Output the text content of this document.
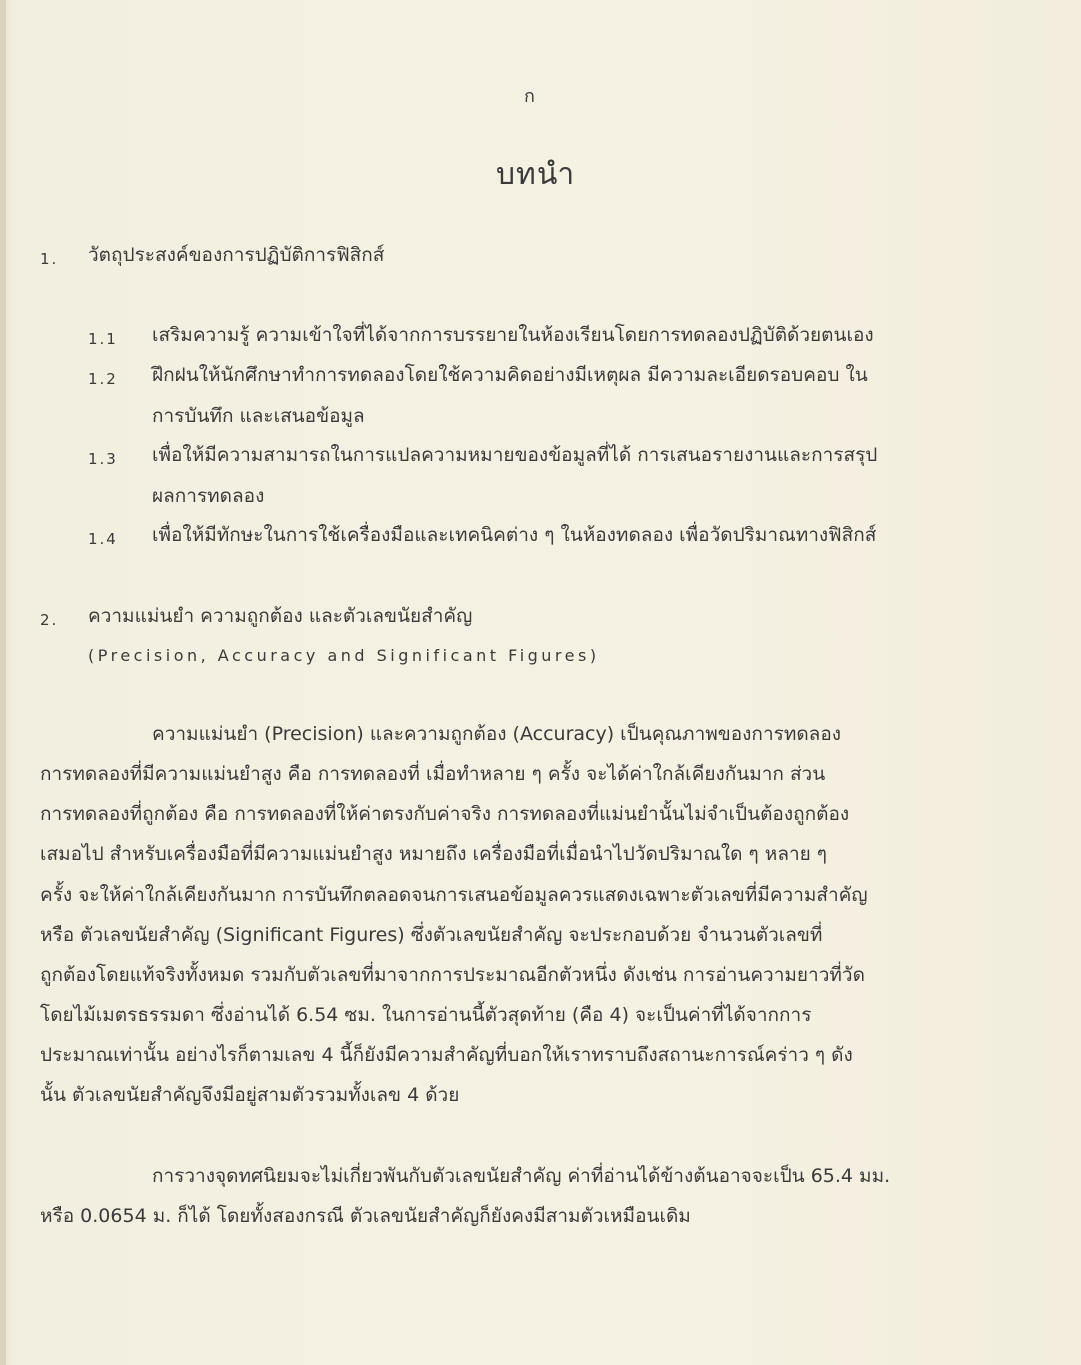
ก
บทนำ
1. วัตถุประสงค์ของการปฏิบัติการฟิสิกส์
1.1 เสริมความรู้ ความเข้าใจที่ได้จากการบรรยายในห้องเรียนโดยการทดลองปฏิบัติด้วยตนเอง
1.2 ฝึกฝนให้นักศึกษาทำการทดลองโดยใช้ความคิดอย่างมีเหตุผล มีความละเอียดรอบคอบ ใน
การบันทึก และเสนอข้อมูล
1.3 เพื่อให้มีความสามารถในการแปลความหมายของข้อมูลที่ได้ การเสนอรายงานและการสรุป
ผลการทดลอง
1.4 เพื่อให้มีทักษะในการใช้เครื่องมือและเทคนิคต่าง ๆ ในห้องทดลอง เพื่อวัดปริมาณทางฟิสิกส์
2. ความแม่นยำ ความถูกต้อง และตัวเลขนัยสำคัญ
(Precision, Accuracy and Significant Figures)
ความแม่นยำ (Precision) และความถูกต้อง (Accuracy) เป็นคุณภาพของการทดลอง
การทดลองที่มีความแม่นยำสูง คือ การทดลองที่ เมื่อทำหลาย ๆ ครั้ง จะได้ค่าใกล้เคียงกันมาก ส่วน
การทดลองที่ถูกต้อง คือ การทดลองที่ให้ค่าตรงกับค่าจริง การทดลองที่แม่นยำนั้นไม่จำเป็นต้องถูกต้อง
เสมอไป สำหรับเครื่องมือที่มีความแม่นยำสูง หมายถึง เครื่องมือที่เมื่อนำไปวัดปริมาณใด ๆ หลาย ๆ
ครั้ง จะให้ค่าใกล้เคียงกันมาก การบันทึกตลอดจนการเสนอข้อมูลควรแสดงเฉพาะตัวเลขที่มีความสำคัญ
หรือ ตัวเลขนัยสำคัญ (Significant Figures) ซึ่งตัวเลขนัยสำคัญ จะประกอบด้วย จำนวนตัวเลขที่
ถูกต้องโดยแท้จริงทั้งหมด รวมกับตัวเลขที่มาจากการประมาณอีกตัวหนึ่ง ดังเช่น การอ่านความยาวที่วัด
โดยไม้เมตรธรรมดา ซึ่งอ่านได้ 6.54 ซม. ในการอ่านนี้ตัวสุดท้าย (คือ 4) จะเป็นค่าที่ได้จากการ
ประมาณเท่านั้น อย่างไรก็ตามเลข 4 นี้ก็ยังมีความสำคัญที่บอกให้เราทราบถึงสถานะการณ์คร่าว ๆ ดัง
นั้น ตัวเลขนัยสำคัญจึงมีอยู่สามตัวรวมทั้งเลข 4 ด้วย
การวางจุดทศนิยมจะไม่เกี่ยวพันกับตัวเลขนัยสำคัญ ค่าที่อ่านได้ข้างต้นอาจจะเป็น 65.4 มม.
หรือ 0.0654 ม. ก็ได้ โดยทั้งสองกรณี ตัวเลขนัยสำคัญก็ยังคงมีสามตัวเหมือนเดิม
